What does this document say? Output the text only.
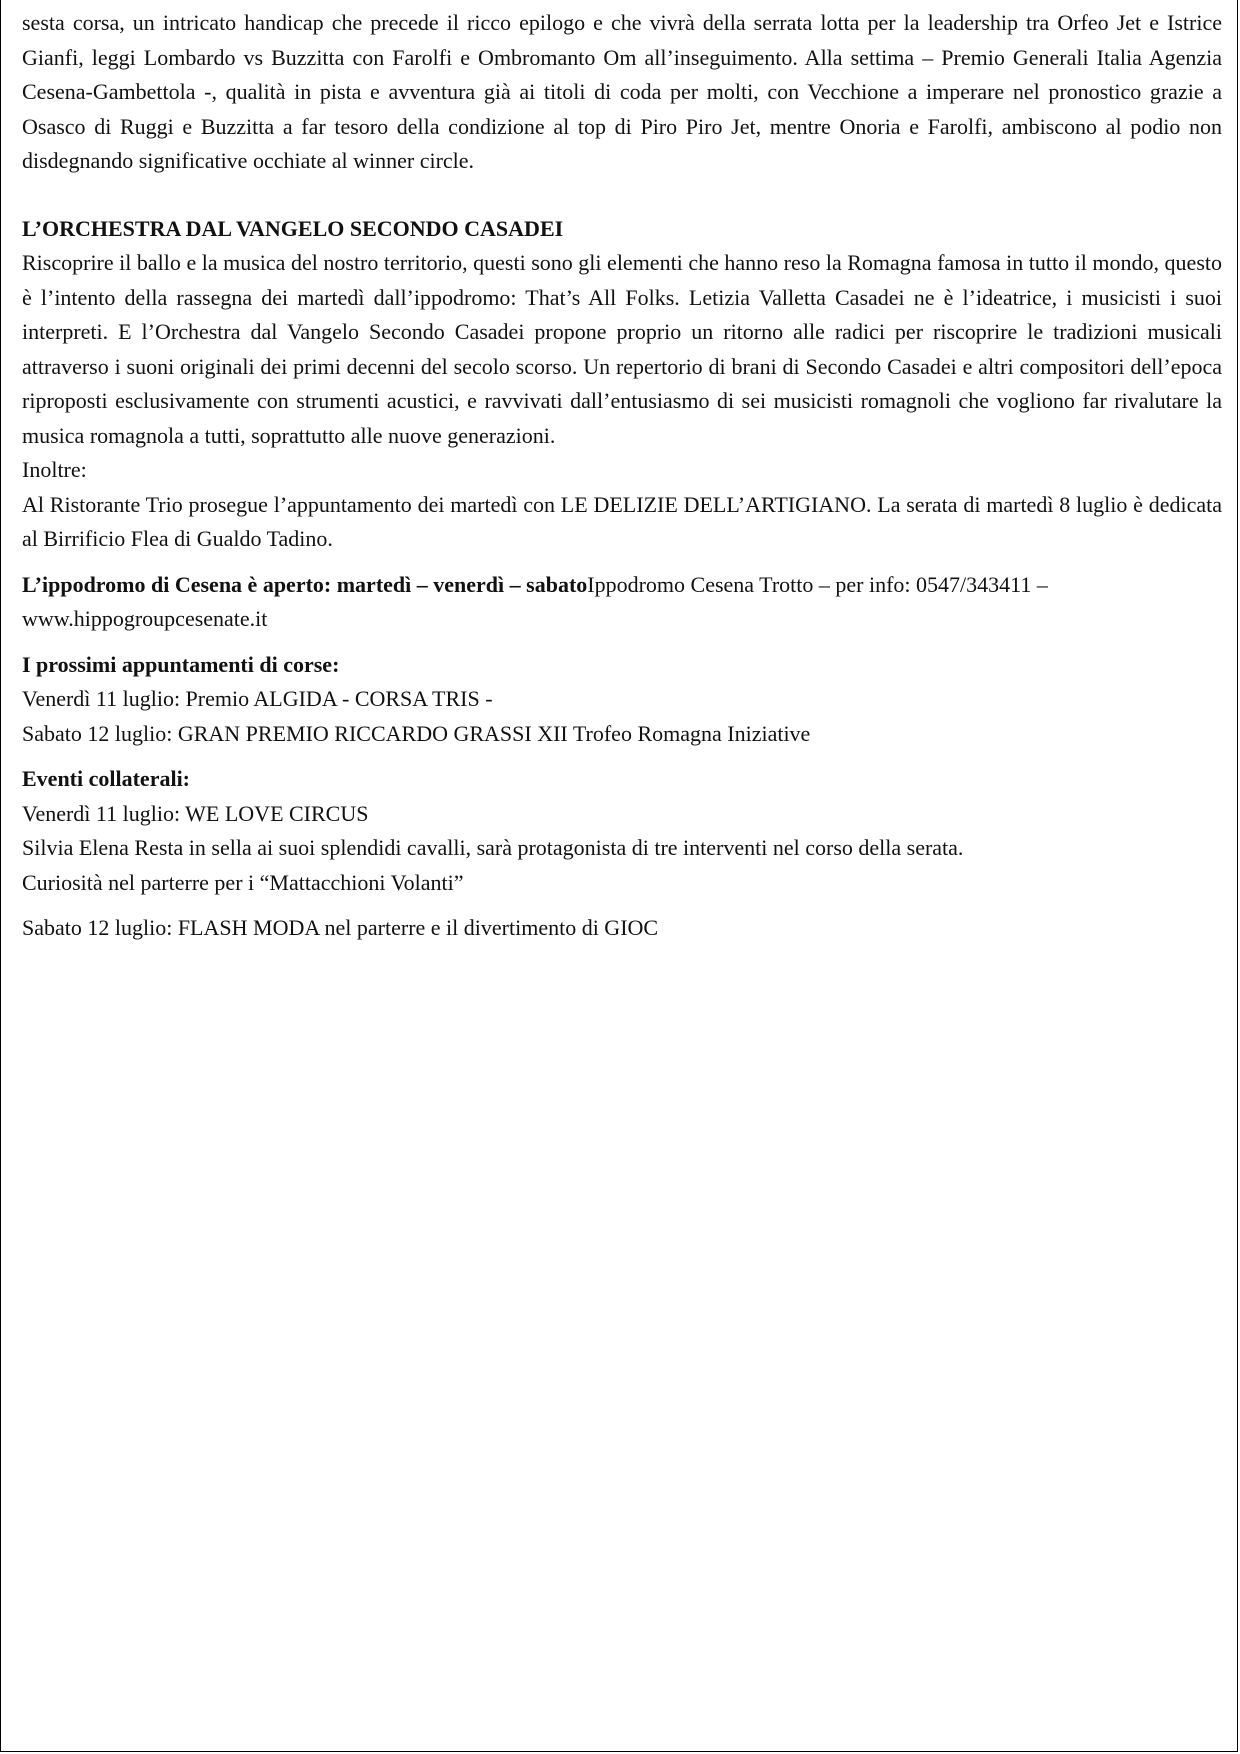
sesta corsa, un intricato handicap che precede il ricco epilogo e che vivrà della serrata lotta per la leadership tra Orfeo Jet e Istrice Gianfi, leggi Lombardo vs Buzzitta con Farolfi e Ombromanto Om all’inseguimento. Alla settima – Premio Generali Italia Agenzia Cesena-Gambettola -, qualità in pista e avventura già ai titoli di coda per molti, con Vecchione a imperare nel pronostico grazie a Osasco di Ruggi e Buzzitta a far tesoro della condizione al top di Piro Piro Jet, mentre Onoria e Farolfi, ambiscono al podio non disdegnando significative occhiate al winner circle.

L’ORCHESTRA DAL VANGELO SECONDO CASADEI

Riscoprire il ballo e la musica del nostro territorio, questi sono gli elementi che hanno reso la Romagna famosa in tutto il mondo, questo è l’intento della rassegna dei martedì dall’ippodromo: That’s All Folks. Letizia Valletta Casadei ne è l’ideatrice, i musicisti i suoi interpreti. E l’Orchestra dal Vangelo Secondo Casadei propone proprio un ritorno alle radici per riscoprire le tradizioni musicali attraverso i suoni originali dei primi decenni del secolo scorso. Un repertorio di brani di Secondo Casadei e altri compositori dell’epoca riproposti esclusivamente con strumenti acustici, e ravvivati dall’entusiasmo di sei musicisti romagnoli che vogliono far rivalutare la musica romagnola a tutti, soprattutto alle nuove generazioni.

Inoltre:

Al Ristorante Trio prosegue l’appuntamento dei martedì con LE DELIZIE DELL’ARTIGIANO. La serata di martedì 8 luglio è dedicata al Birrificio Flea di Gualdo Tadino.

L’ippodromo di Cesena è aperto: martedì – venerdì – sabatoIppodromo Cesena Trotto – per info: 0547/343411 – www.hippogroupcesenate.it

I prossimi appuntamenti di corse:

Venerdì 11 luglio: Premio ALGIDA - CORSA TRIS -

Sabato 12 luglio: GRAN PREMIO RICCARDO GRASSI XII Trofeo Romagna Iniziative

Eventi collaterali:

Venerdì 11 luglio: WE LOVE CIRCUS

Silvia Elena Resta in sella ai suoi splendidi cavalli, sarà protagonista di tre interventi nel corso della serata.

Curiosità nel parterre per i “Mattacchioni Volanti”

Sabato 12 luglio: FLASH MODA nel parterre e il divertimento di GIOC
